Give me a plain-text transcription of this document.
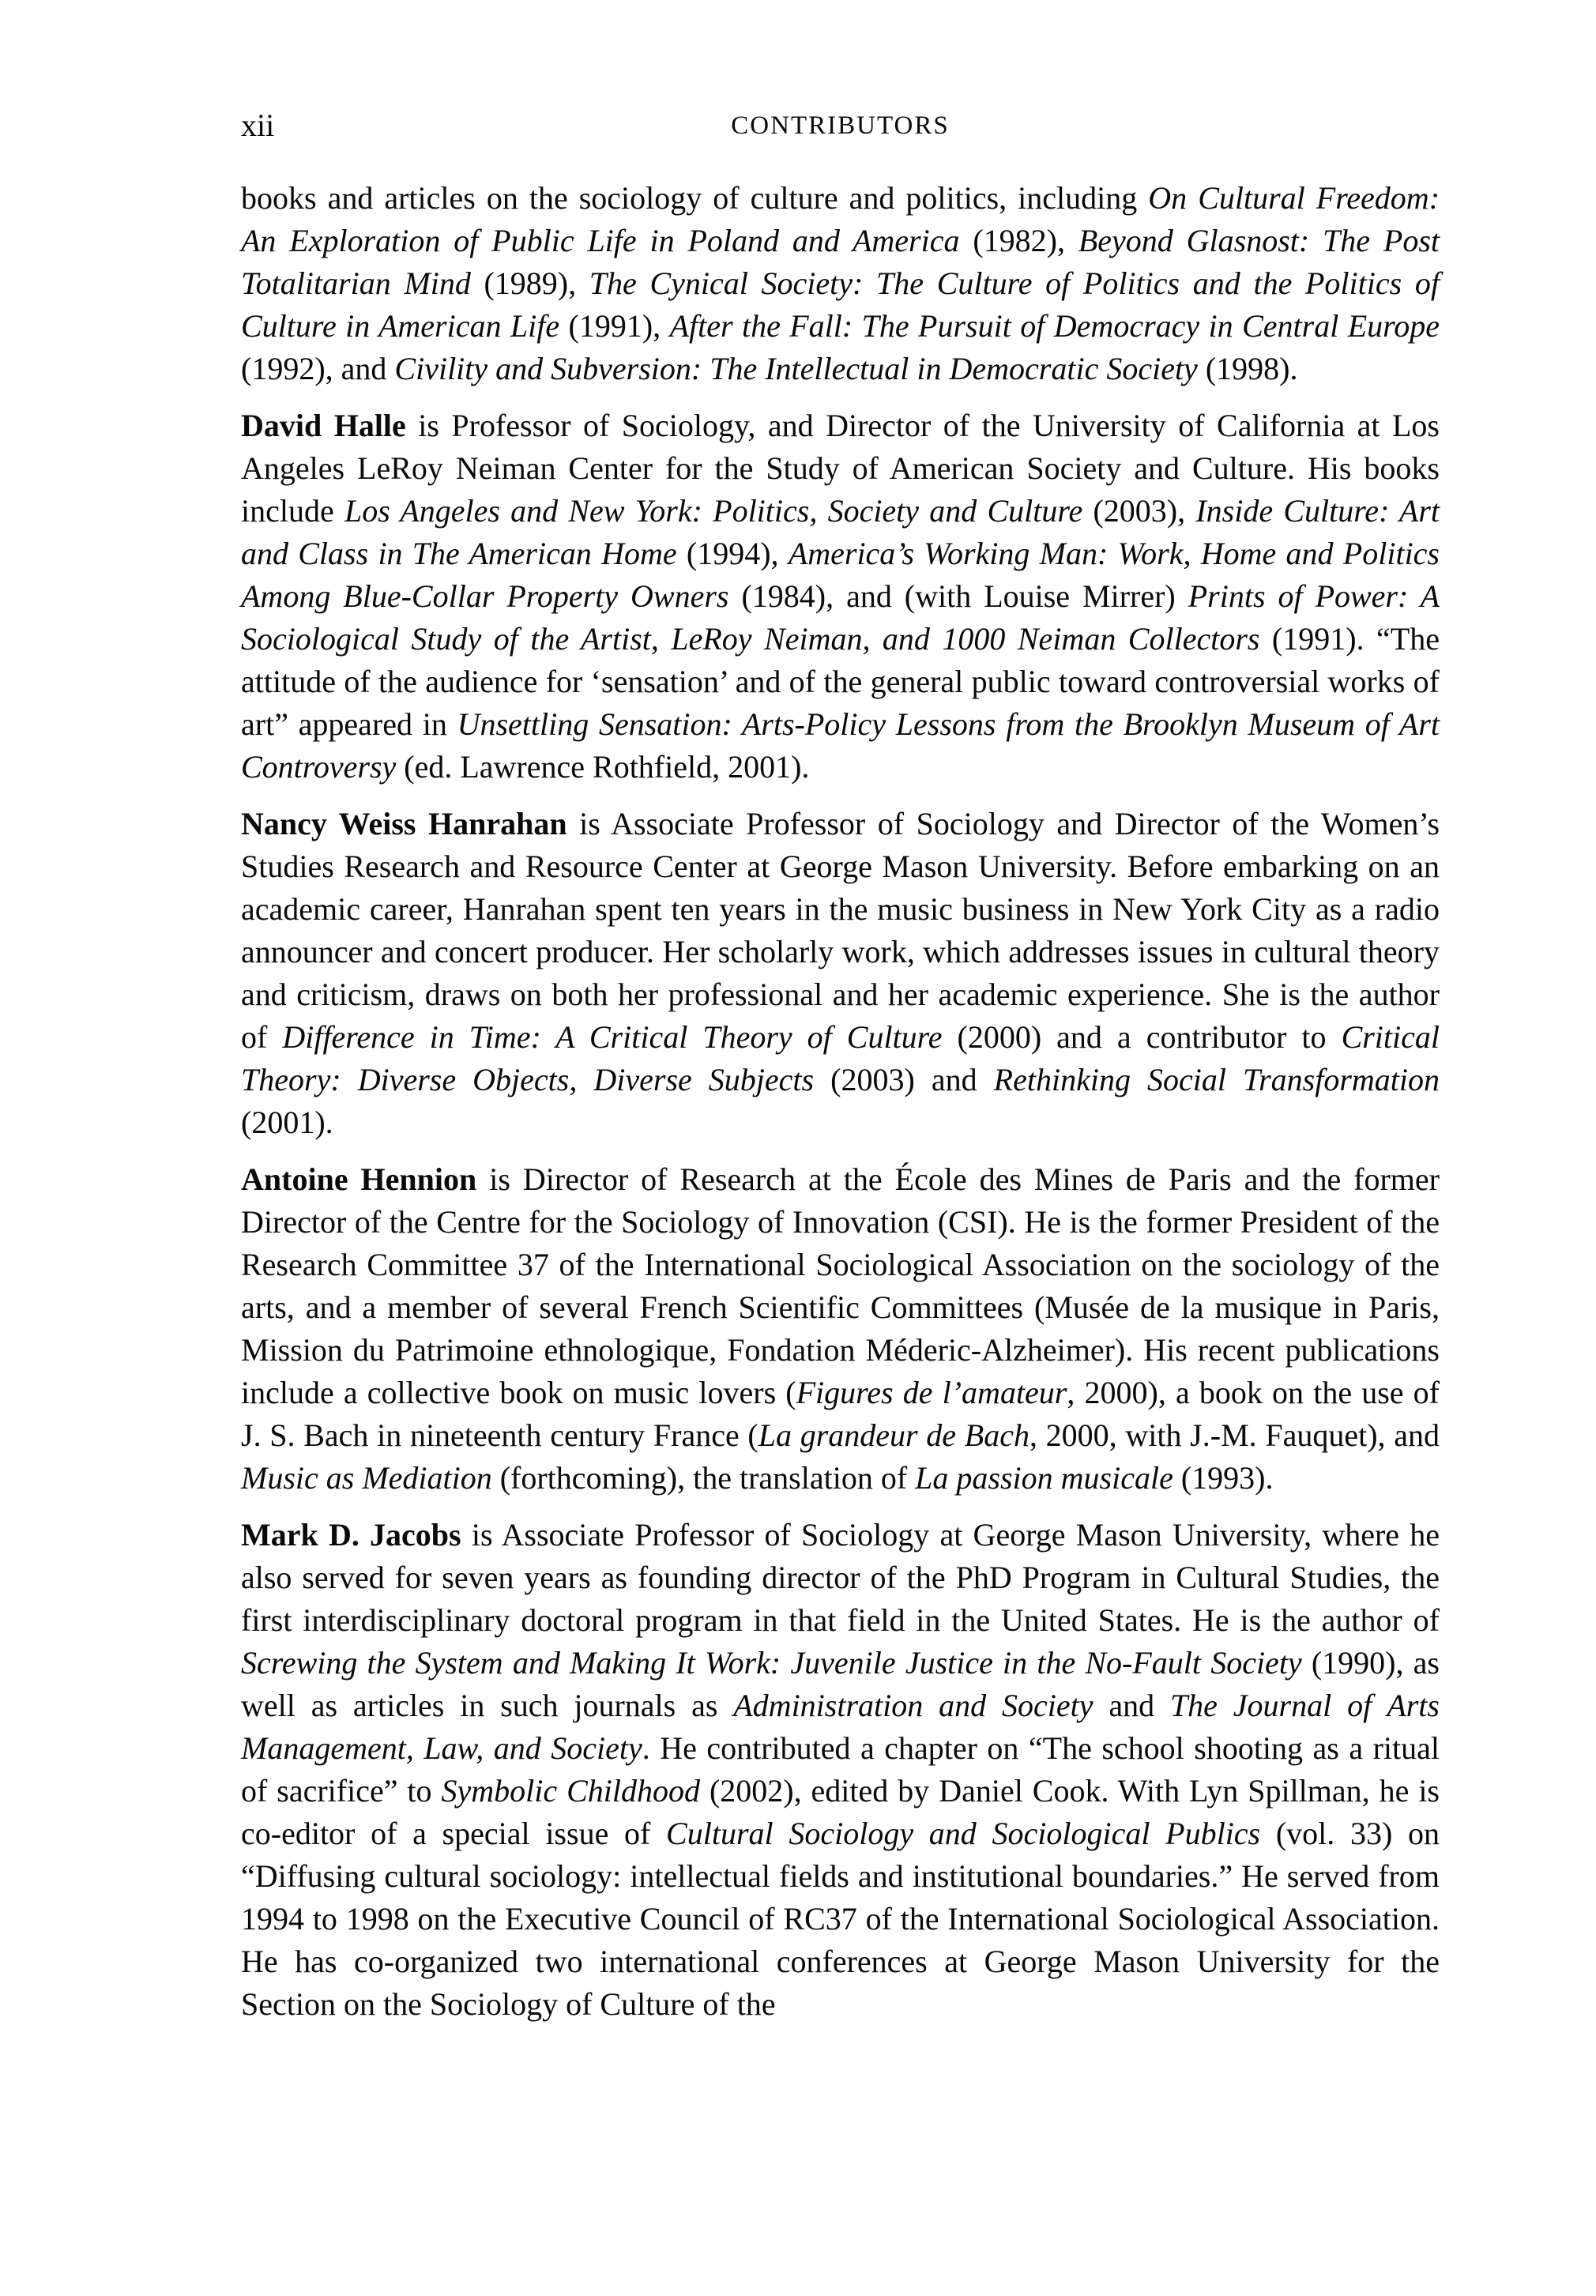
xii	CONTRIBUTORS

books and articles on the sociology of culture and politics, including On Cultural Freedom: An Exploration of Public Life in Poland and America (1982), Beyond Glasnost: The Post Totalitarian Mind (1989), The Cynical Society: The Culture of Politics and the Politics of Culture in American Life (1991), After the Fall: The Pursuit of Democracy in Central Europe (1992), and Civility and Subversion: The Intellectual in Democratic Society (1998).

David Halle is Professor of Sociology, and Director of the University of California at Los Angeles LeRoy Neiman Center for the Study of American Society and Culture. His books include Los Angeles and New York: Politics, Society and Culture (2003), Inside Culture: Art and Class in The American Home (1994), America’s Working Man: Work, Home and Politics Among Blue-Collar Property Owners (1984), and (with Louise Mirrer) Prints of Power: A Sociological Study of the Artist, LeRoy Neiman, and 1000 Neiman Collectors (1991). “The attitude of the audience for ‘sensation’ and of the general public toward controversial works of art” appeared in Unsettling Sensation: Arts-Policy Lessons from the Brooklyn Museum of Art Controversy (ed. Lawrence Rothfield, 2001).

Nancy Weiss Hanrahan is Associate Professor of Sociology and Director of the Women’s Studies Research and Resource Center at George Mason University. Before embarking on an academic career, Hanrahan spent ten years in the music business in New York City as a radio announcer and concert producer. Her scholarly work, which addresses issues in cultural theory and criticism, draws on both her professional and her academic experience. She is the author of Difference in Time: A Critical Theory of Culture (2000) and a contributor to Critical Theory: Diverse Objects, Diverse Subjects (2003) and Rethinking Social Transformation (2001).

Antoine Hennion is Director of Research at the École des Mines de Paris and the former Director of the Centre for the Sociology of Innovation (CSI). He is the former President of the Research Committee 37 of the International Sociological Association on the sociology of the arts, and a member of several French Scientific Committees (Musée de la musique in Paris, Mission du Patrimoine ethnologique, Fondation Méderic-Alzheimer). His recent publications include a collective book on music lovers (Figures de l’amateur, 2000), a book on the use of J. S. Bach in nineteenth century France (La grandeur de Bach, 2000, with J.-M. Fauquet), and Music as Mediation (forthcoming), the translation of La passion musicale (1993).

Mark D. Jacobs is Associate Professor of Sociology at George Mason University, where he also served for seven years as founding director of the PhD Program in Cultural Studies, the first interdisciplinary doctoral program in that field in the United States. He is the author of Screwing the System and Making It Work: Juvenile Justice in the No-Fault Society (1990), as well as articles in such journals as Administration and Society and The Journal of Arts Management, Law, and Society. He contributed a chapter on “The school shooting as a ritual of sacrifice” to Symbolic Childhood (2002), edited by Daniel Cook. With Lyn Spillman, he is co-editor of a special issue of Cultural Sociology and Sociological Publics (vol. 33) on “Diffusing cultural sociology: intellectual fields and institutional boundaries.” He served from 1994 to 1998 on the Executive Council of RC37 of the International Sociological Association. He has co-organized two international conferences at George Mason University for the Section on the Sociology of Culture of the
